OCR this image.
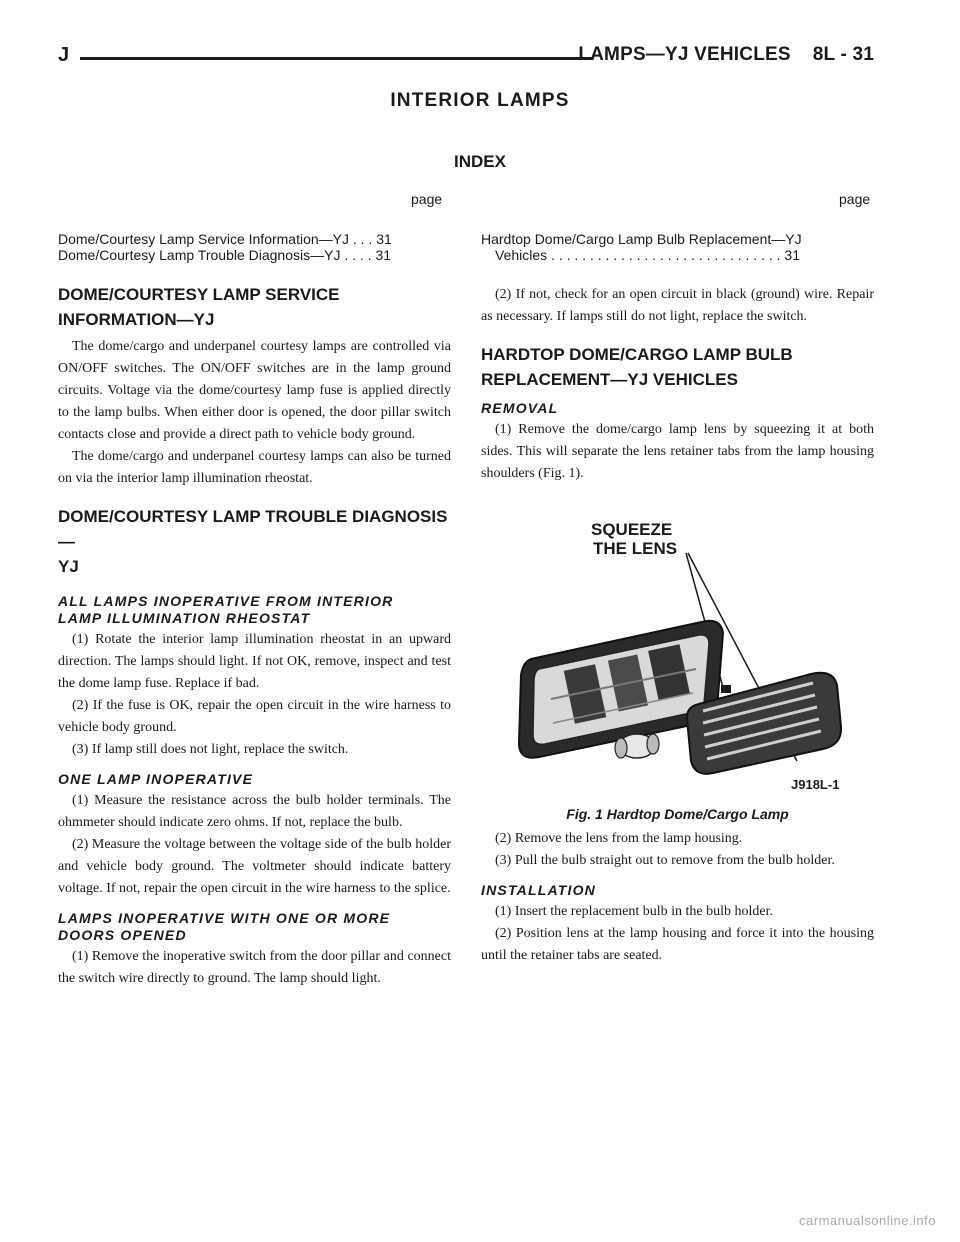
J	LAMPS—YJ VEHICLES 8L - 31
INTERIOR LAMPS
INDEX
page	page
Dome/Courtesy Lamp Service Information—YJ . . . 31
Dome/Courtesy Lamp Trouble Diagnosis—YJ . . . . 31
Hardtop Dome/Cargo Lamp Bulb Replacement—YJ
Vehicles . . . . . . . . . . . . . . . . . . . . . . . . . . . . . . 31
DOME/COURTESY LAMP SERVICE
INFORMATION—YJ

The dome/cargo and underpanel courtesy lamps are controlled via ON/OFF switches. The ON/OFF switches are in the lamp ground circuits. Voltage via the dome/courtesy lamp fuse is applied directly to the lamp bulbs. When either door is opened, the door pillar switch contacts close and provide a direct path to vehicle body ground.

The dome/cargo and underpanel courtesy lamps can also be turned on via the interior lamp illumination rheostat.

DOME/COURTESY LAMP TROUBLE DIAGNOSIS—
YJ
ALL LAMPS INOPERATIVE FROM INTERIOR
LAMP ILLUMINATION RHEOSTAT

(1) Rotate the interior lamp illumination rheostat in an upward direction. The lamps should light. If not OK, remove, inspect and test the dome lamp fuse. Replace if bad.

(2) If the fuse is OK, repair the open circuit in the wire harness to vehicle body ground.

(3) If lamp still does not light, replace the switch.

ONE LAMP INOPERATIVE

(1) Measure the resistance across the bulb holder terminals. The ohmmeter should indicate zero ohms. If not, replace the bulb.

(2) Measure the voltage between the voltage side of the bulb holder and vehicle body ground. The voltmeter should indicate battery voltage. If not, repair the open circuit in the wire harness to the splice.

LAMPS INOPERATIVE WITH ONE OR MORE
DOORS OPENED

(1) Remove the inoperative switch from the door pillar and connect the switch wire directly to ground. The lamp should light.

(2) If not, check for an open circuit in black (ground) wire. Repair as necessary. If lamps still do not light, replace the switch.

HARDTOP DOME/CARGO LAMP BULB
REPLACEMENT—YJ VEHICLES
REMOVAL

(1) Remove the dome/cargo lamp lens by squeezing it at both sides. This will separate the lens retainer tabs from the lamp housing shoulders (Fig. 1).

SQUEEZE
THE LENS
J918L-1
Fig. 1 Hardtop Dome/Cargo Lamp

(2) Remove the lens from the lamp housing.

(3) Pull the bulb straight out to remove from the bulb holder.

INSTALLATION

(1) Insert the replacement bulb in the bulb holder.

(2) Position lens at the lamp housing and force it into the housing until the retainer tabs are seated.

carmanualsonline.info
